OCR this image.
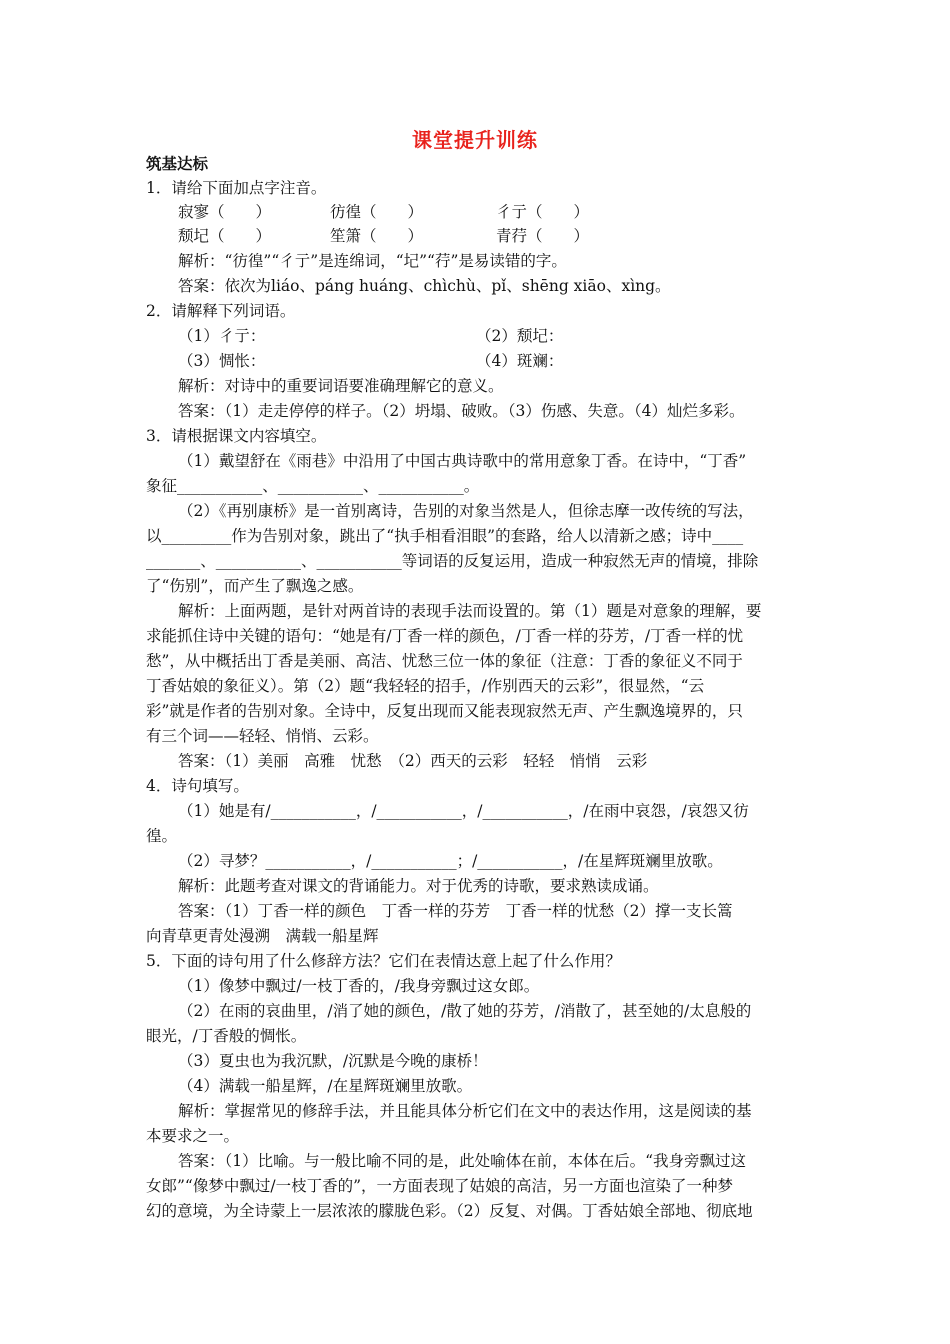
课堂提升训练
筑基达标
1．请给下面加点字注音。
寂寥（　　）	彷徨（　　）	彳亍（　　）
颓圮（　　）	笙箫（　　）	青荇（　　）
解析：“彷徨”“彳亍”是连绵词，“圮”“荇”是易读错的字。
答案：依次为liáo、páng huáng、chìchù、pǐ、shēng xiāo、xìng。
2．请解释下列词语。
（1）彳亍：	（2）颓圮：
（3）惆怅：	（4）斑斓：
解析：对诗中的重要词语要准确理解它的意义。
答案：（1）走走停停的样子。（2）坍塌、破败。（3）伤感、失意。（4）灿烂多彩。
3．请根据课文内容填空。
（1）戴望舒在《雨巷》中沿用了中国古典诗歌中的常用意象丁香。在诗中，“丁香”
象征___________、___________、___________。
（2）《再别康桥》是一首别离诗，告别的对象当然是人，但徐志摩一改传统的写法，
以_________作为告别对象，跳出了“执手相看泪眼”的套路，给人以清新之感；诗中____
_______、___________、___________等词语的反复运用，造成一种寂然无声的情境，排除
了“伤别”，而产生了飘逸之感。
解析：上面两题，是针对两首诗的表现手法而设置的。第（1）题是对意象的理解，要
求能抓住诗中关键的语句：“她是有/丁香一样的颜色，/丁香一样的芬芳，/丁香一样的忧
愁”，从中概括出丁香是美丽、高洁、忧愁三位一体的象征（注意：丁香的象征义不同于
丁香姑娘的象征义）。第（2）题“我轻轻的招手，/作别西天的云彩”，很显然，“云
彩”就是作者的告别对象。全诗中，反复出现而又能表现寂然无声、产生飘逸境界的，只
有三个词——轻轻、悄悄、云彩。
答案：（1）美丽　高雅　忧愁　（2）西天的云彩　轻轻　悄悄　云彩
4．诗句填写。
（1）她是有/___________，/___________，/___________，/在雨中哀怨，/哀怨又彷
徨。
（2）寻梦？___________，/___________；/___________，/在星辉斑斓里放歌。
解析：此题考查对课文的背诵能力。对于优秀的诗歌，要求熟读成诵。
答案：（1）丁香一样的颜色　丁香一样的芬芳　丁香一样的忧愁（2）撑一支长篙
向青草更青处漫溯　满载一船星辉
5．下面的诗句用了什么修辞方法？它们在表情达意上起了什么作用？
（1）像梦中飘过/一枝丁香的，/我身旁飘过这女郎。
（2）在雨的哀曲里，/消了她的颜色，/散了她的芬芳，/消散了，甚至她的/太息般的
眼光，/丁香般的惆怅。
（3）夏虫也为我沉默，/沉默是今晚的康桥！
（4）满载一船星辉，/在星辉斑斓里放歌。
解析：掌握常见的修辞手法，并且能具体分析它们在文中的表达作用，这是阅读的基
本要求之一。
答案：（1）比喻。与一般比喻不同的是，此处喻体在前，本体在后。“我身旁飘过这
女郎”“像梦中飘过/一枝丁香的”，一方面表现了姑娘的高洁，另一方面也渲染了一种梦
幻的意境，为全诗蒙上一层浓浓的朦胧色彩。（2）反复、对偶。丁香姑娘全部地、彻底地
